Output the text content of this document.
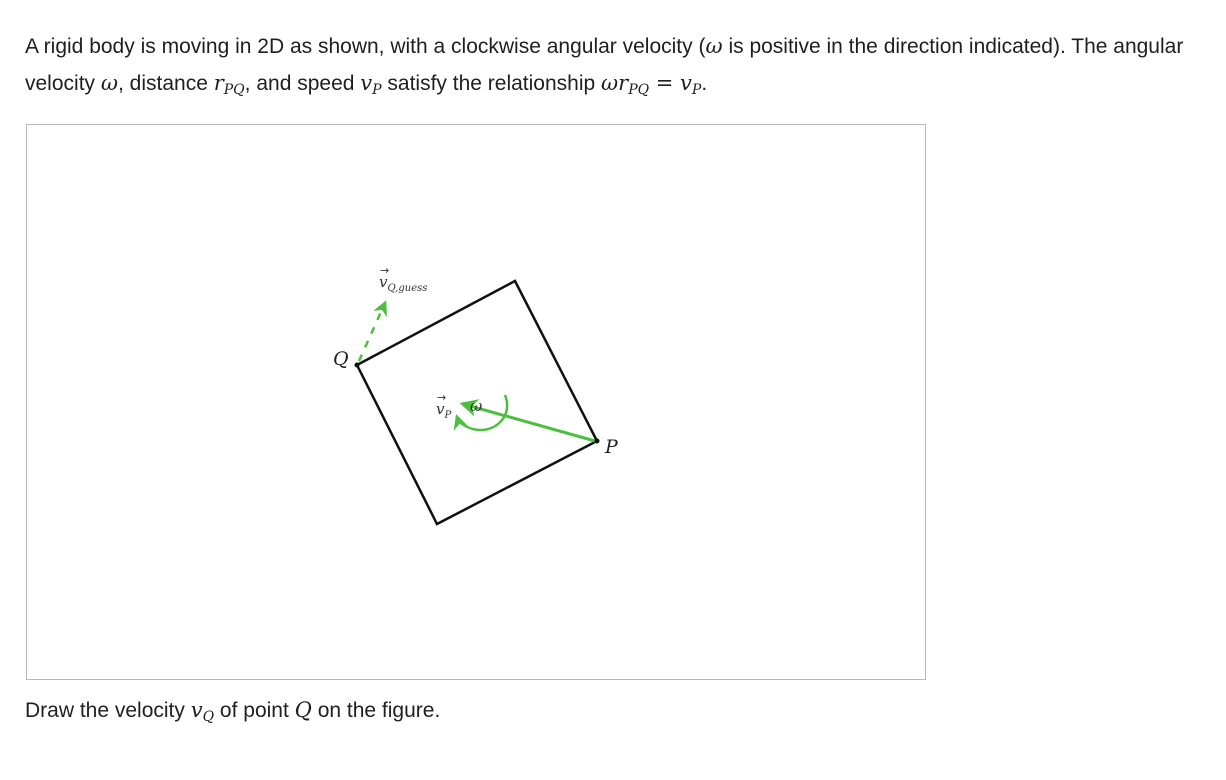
A rigid body is moving in 2D as shown, with a clockwise angular velocity (ω is positive in the direction indicated). The angular velocity ω, distance $r_{PQ}$, and speed $v_P$ satisfy the relationship $\omega r_{PQ} = v_P$.

Q
P
$v_{Q,guess}$
→
$v_P$
→ ω

Draw the velocity $v_Q$ of point Q on the figure.
